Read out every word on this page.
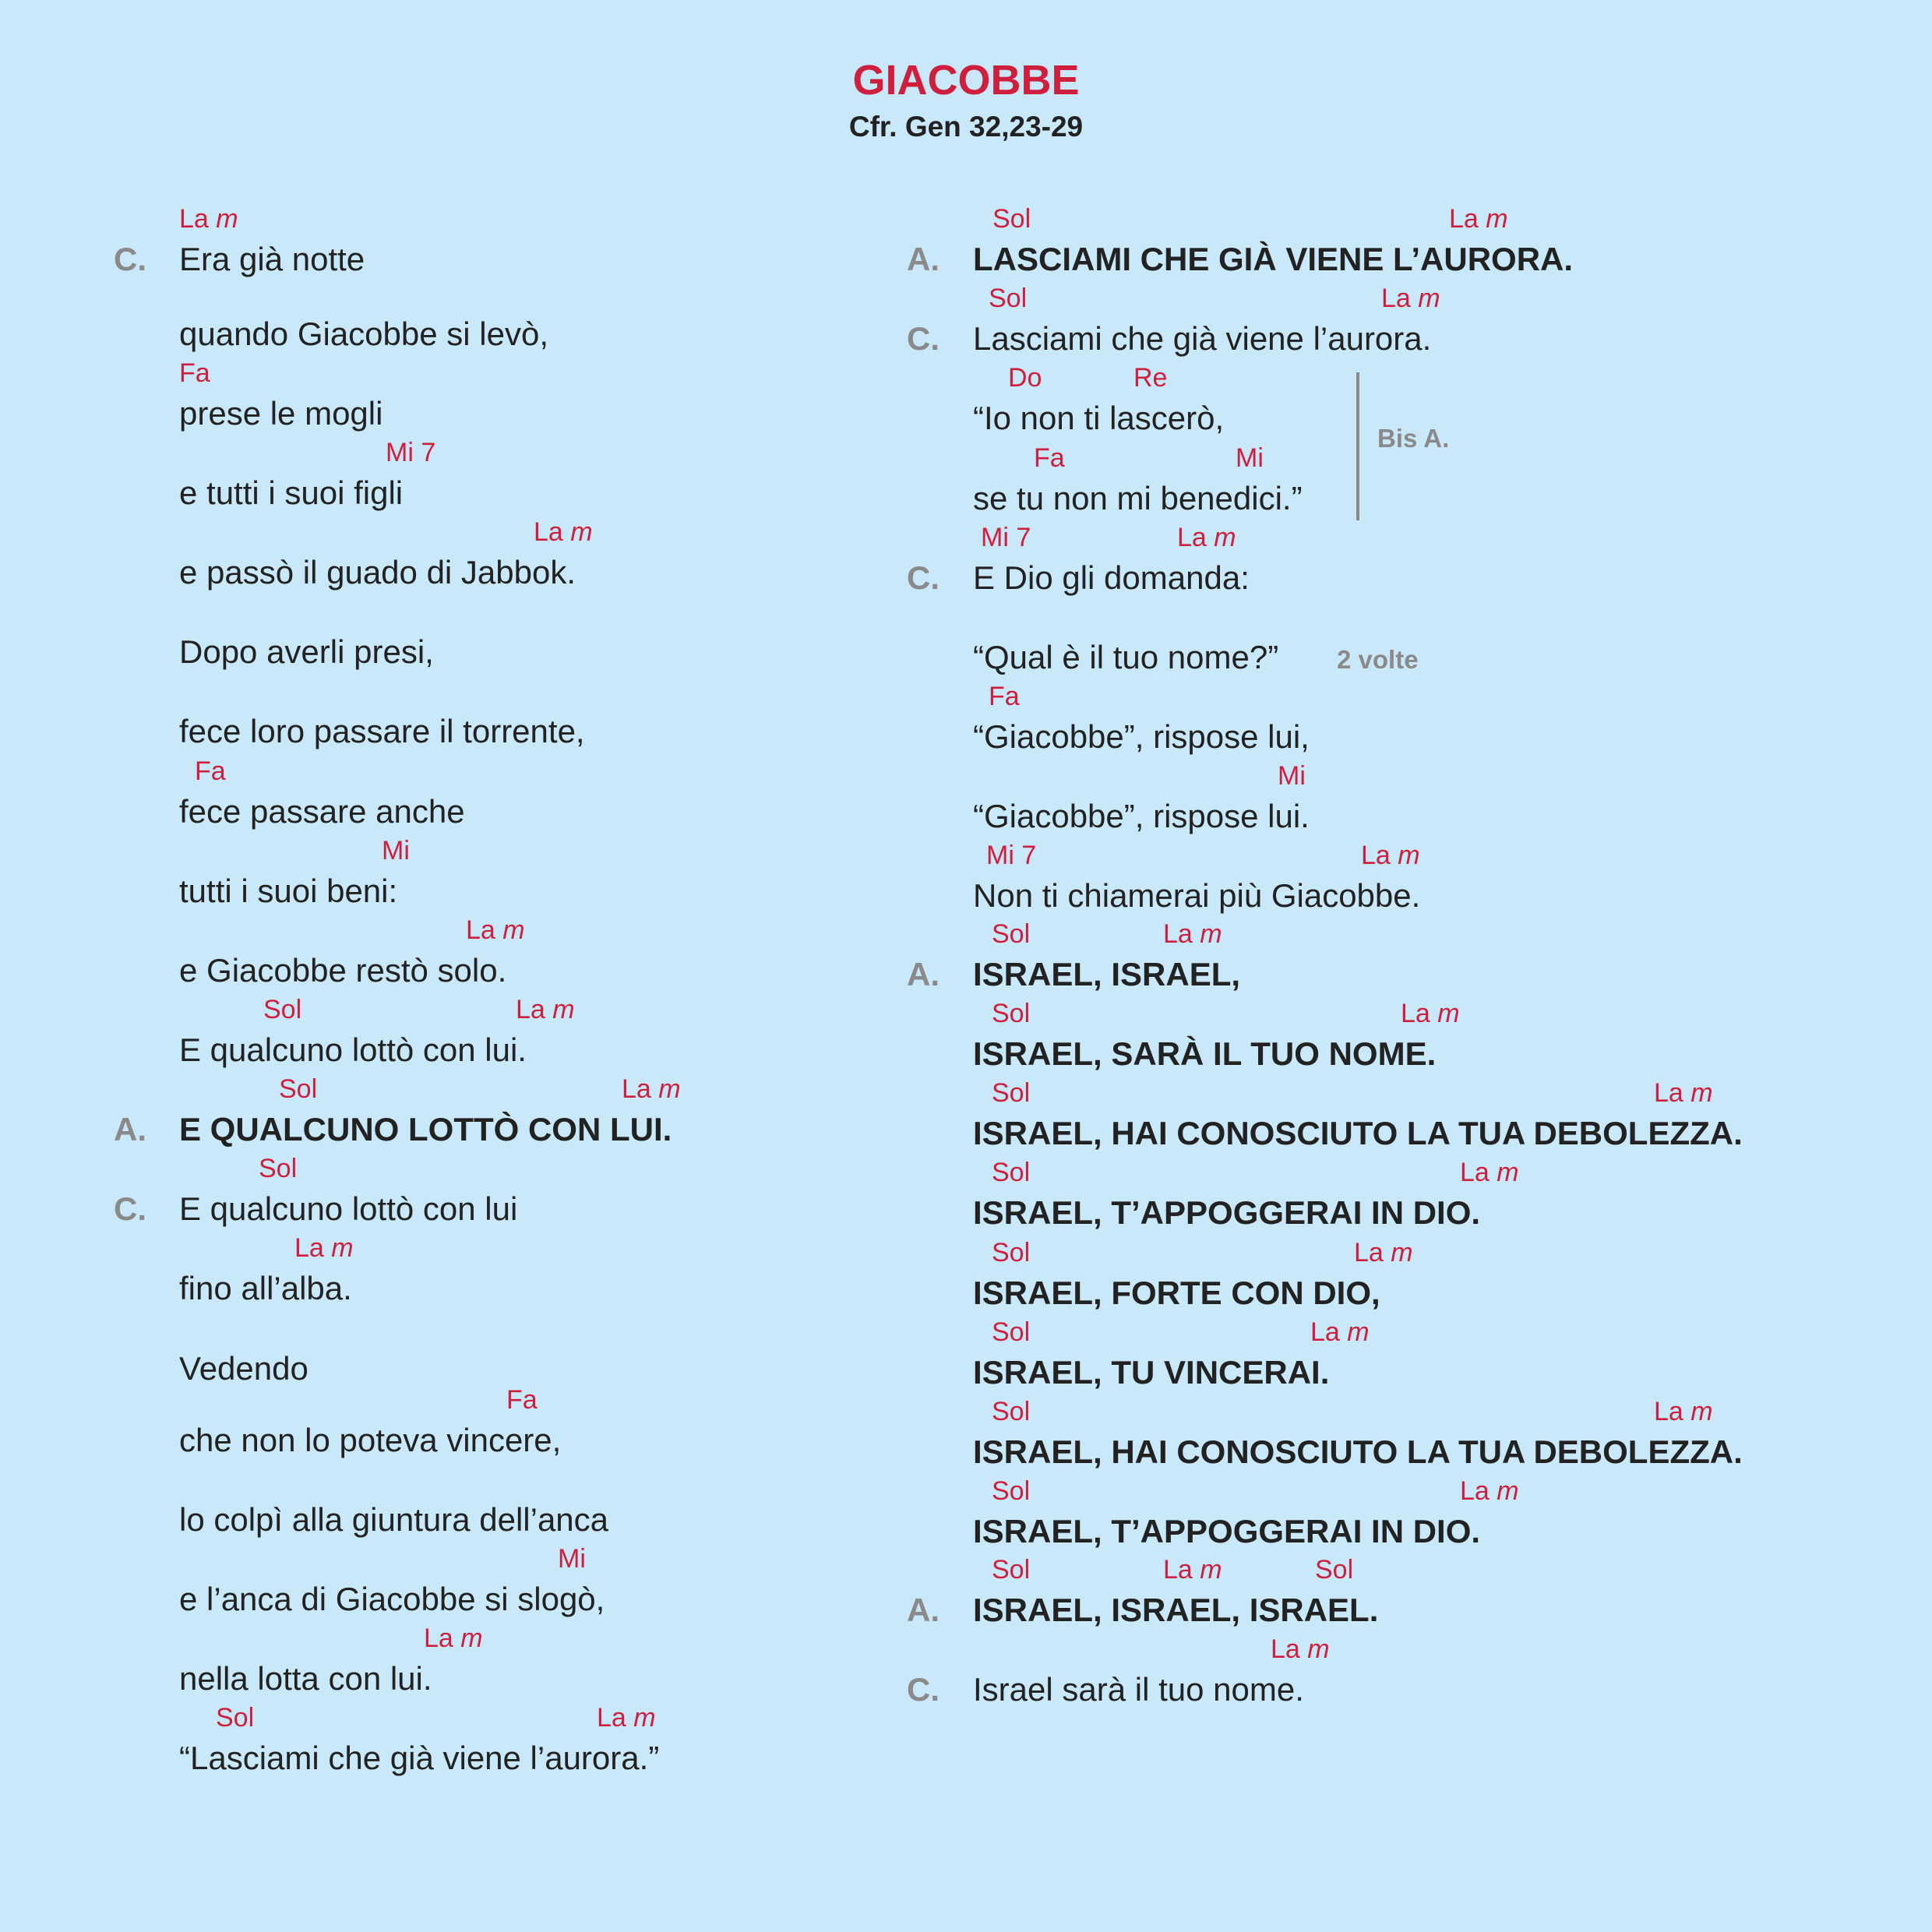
GIACOBBE
Cfr. Gen 32,23-29
C.
A.
C.
La m
Era già notte
quando Giacobbe si levò,
Fa
prese le mogli
Mi 7
e tutti i suoi figli
La m
e passò il guado di Jabbok.
Dopo averli presi,
fece loro passare il torrente,
Fa
fece passare anche
Mi
tutti i suoi beni:
La m
e Giacobbe restò solo.
Sol	La m
E qualcuno lottò con lui.
Sol	La m
E QUALCUNO LOTTÒ CON LUI.
Sol
E qualcuno lottò con lui
La m
fino all’alba.
Vedendo
Fa
che non lo poteva vincere,
lo colpì alla giuntura dell’anca
Mi
e l’anca di Giacobbe si slogò,
La m
nella lotta con lui.
Sol	La m
“Lasciami che già viene l’aurora.”
A.
C.
C.
A.
A.
C.
Bis A.
2 volte
Sol	La m
LASCIAMI CHE GIÀ VIENE L’AURORA.
Sol	La m
Lasciami che già viene l’aurora.
Do	Re
“Io non ti lascerò,
Fa	Mi
se tu non mi benedici.”
Mi 7	La m
E Dio gli domanda:
“Qual è il tuo nome?”
Fa
“Giacobbe”, rispose lui,
Mi
“Giacobbe”, rispose lui.
Mi 7	La m
Non ti chiamerai più Giacobbe.
Sol	La m
ISRAEL, ISRAEL,
Sol	La m
ISRAEL, SARÀ IL TUO NOME.
Sol	La m
ISRAEL, HAI CONOSCIUTO LA TUA DEBOLEZZA.
Sol	La m
ISRAEL, T’APPOGGERAI IN DIO.
Sol	La m
ISRAEL, FORTE CON DIO,
Sol	La m
ISRAEL, TU VINCERAI.
Sol	La m
ISRAEL, HAI CONOSCIUTO LA TUA DEBOLEZZA.
Sol	La m
ISRAEL, T’APPOGGERAI IN DIO.
Sol	La m	Sol
ISRAEL, ISRAEL, ISRAEL.
La m
Israel sarà il tuo nome.
